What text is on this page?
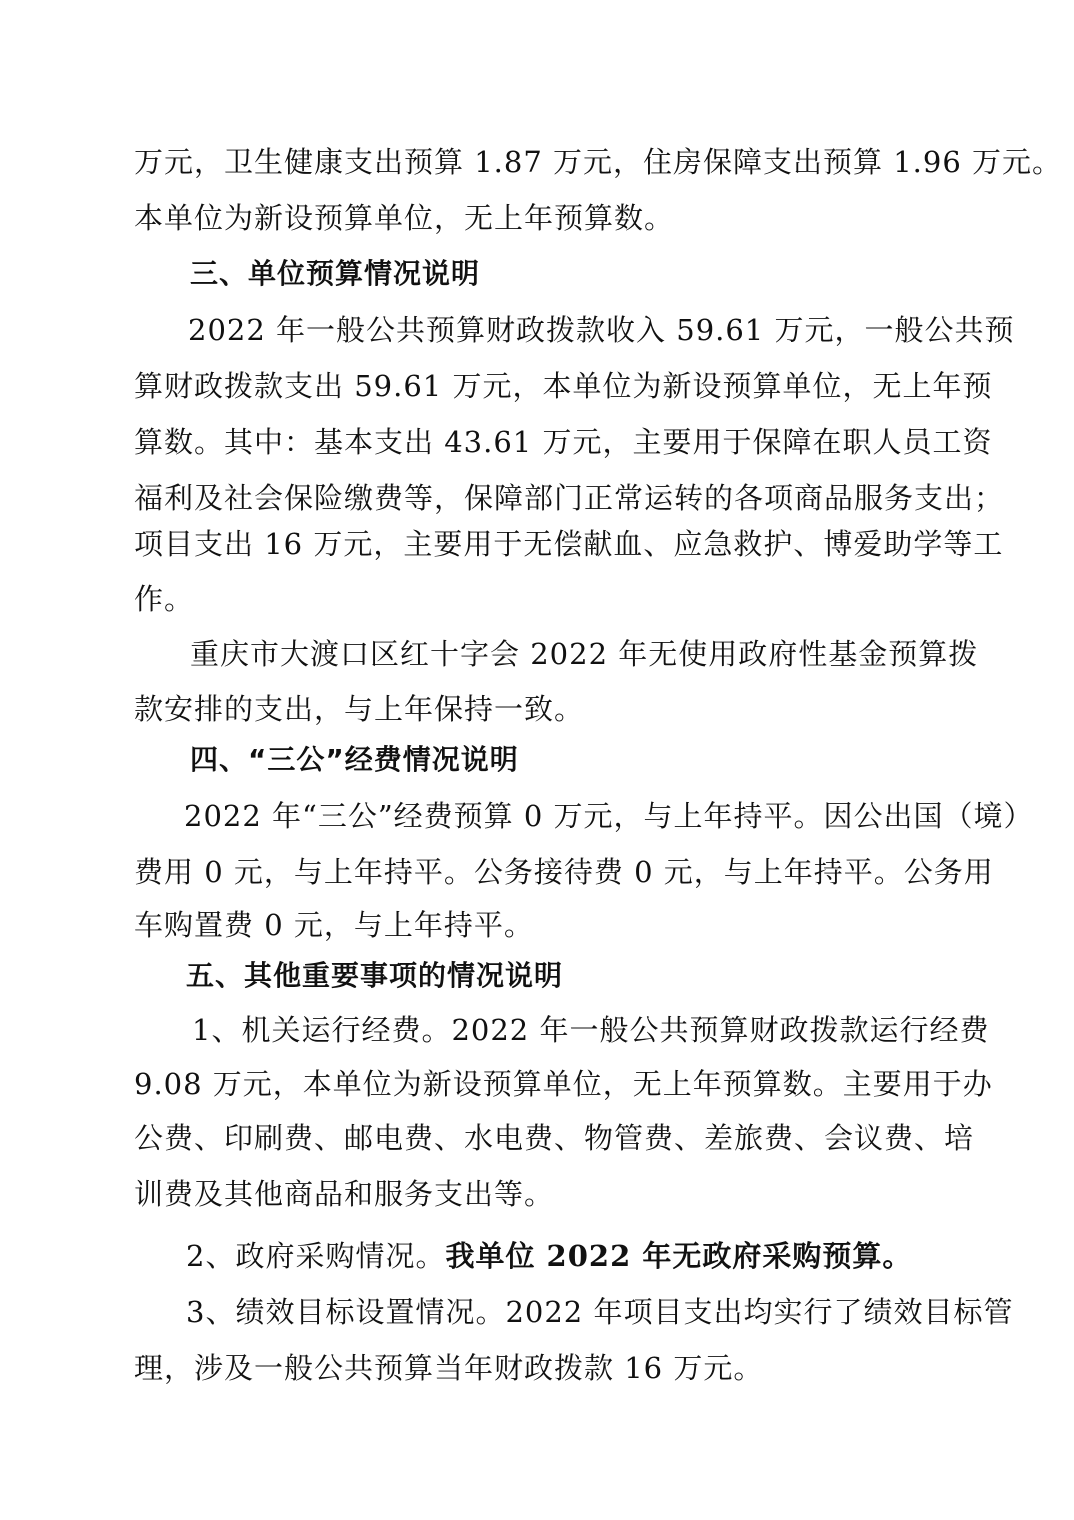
万元，卫生健康支出预算 1.87 万元，住房保障支出预算 1.96 万元。
本单位为新设预算单位，无上年预算数。
三、单位预算情况说明
2022 年一般公共预算财政拨款收入 59.61 万元，一般公共预
算财政拨款支出 59.61 万元，本单位为新设预算单位，无上年预
算数。其中：基本支出 43.61 万元，主要用于保障在职人员工资
福利及社会保险缴费等，保障部门正常运转的各项商品服务支出；
项目支出 16 万元，主要用于无偿献血、应急救护、博爱助学等工
作。
重庆市大渡口区红十字会 2022 年无使用政府性基金预算拨
款安排的支出，与上年保持一致。
四、“三公”经费情况说明
2022 年“三公”经费预算 0 万元，与上年持平。因公出国（境）
费用 0 元，与上年持平。公务接待费 0 元，与上年持平。公务用
车购置费 0 元，与上年持平。
五、其他重要事项的情况说明
1、机关运行经费。2022 年一般公共预算财政拨款运行经费
9.08 万元，本单位为新设预算单位，无上年预算数。主要用于办
公费、印刷费、邮电费、水电费、物管费、差旅费、会议费、培
训费及其他商品和服务支出等。
2、政府采购情况。我单位 2022 年无政府采购预算。
3、绩效目标设置情况。2022 年项目支出均实行了绩效目标管
理，涉及一般公共预算当年财政拨款 16 万元。
